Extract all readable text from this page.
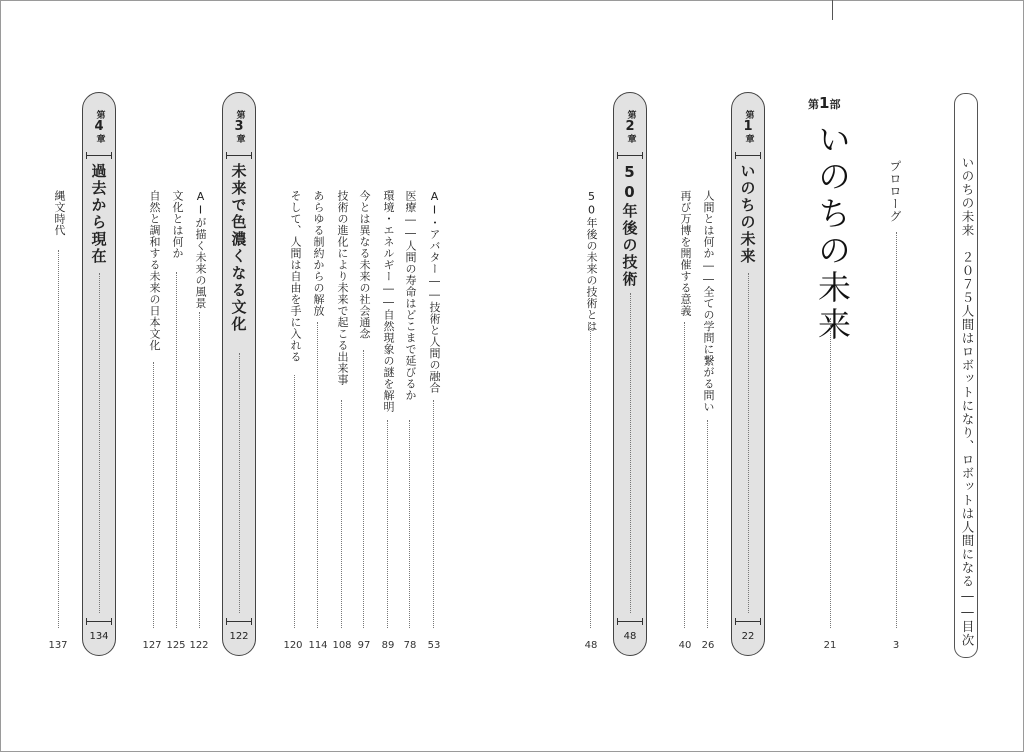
いのちの未来　２０７５人間はロボットになり、ロボットは人間になる――目次
プロローグ
3
第1部
いのちの未来
21
第
1
章
いのちの未来
22
人間とは何か――全ての学問に繋がる問い
26
再び万博を開催する意義
40
第
2
章
50年後の技術
48
50年後の未来の技術とは
48
第
3
章
未来で色濃くなる文化
122
AI・アバター――技術と人間の融合
53
医療――人間の寿命はどこまで延びるか
78
環境・エネルギー――自然現象の謎を解明
89
今とは異なる未来の社会通念
97
技術の進化により未来で起こる出来事
108
あらゆる制約からの解放
114
そして、人間は自由を手に入れる
120
第
4
章
過去から現在
134
AIが描く未来の風景
122
文化とは何か
125
自然と調和する未来の日本文化
127
縄文時代
137
